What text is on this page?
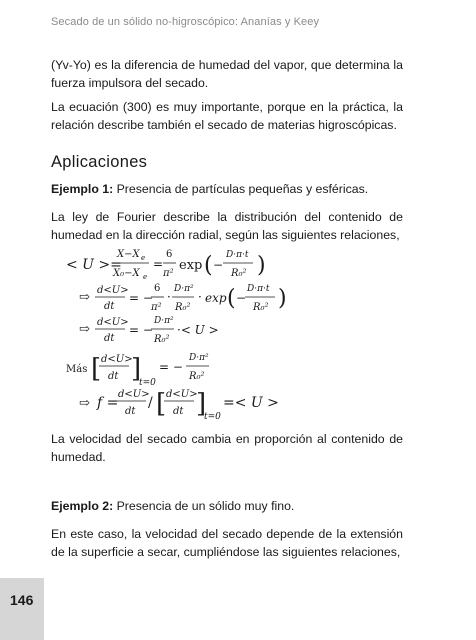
Secado de un sólido no-higroscópico: Ananías y Keey

(Yv-Yo) es la diferencia de humedad del vapor, que determina la fuerza impulsora del secado.

La ecuación (300) es muy importante, porque en la práctica, la relación describe también el secado de materias higroscópicas.

Aplicaciones

Ejemplo 1: Presencia de partículas pequeñas y esféricas.

La ley de Fourier describe la distribución del contenido de humedad en la dirección radial, según las siguientes relaciones,

< U >=
X−X e
X₀−X e
=
6
π²
exp ( −
D·π·t
R₀² )
⇨ d<U>
dt
= −
6
π²
·
D·π²
R₀²
· exp ( −
D·π·t
R₀² )
⇨ d<U>
dt
= −
D·π²
R₀²
·< U >
Más [ d<U>
dt ]
t=0
= −
D·π²
R₀²
⇨ f =
d<U>
dt
/ [ d<U>
dt ]
t=0
=< U >

La velocidad del secado cambia en proporción al contenido de humedad.

Ejemplo 2: Presencia de un sólido muy fino.

En este caso, la velocidad del secado depende de la extensión de la superficie a secar, cumpliéndose las siguientes relaciones,

146
